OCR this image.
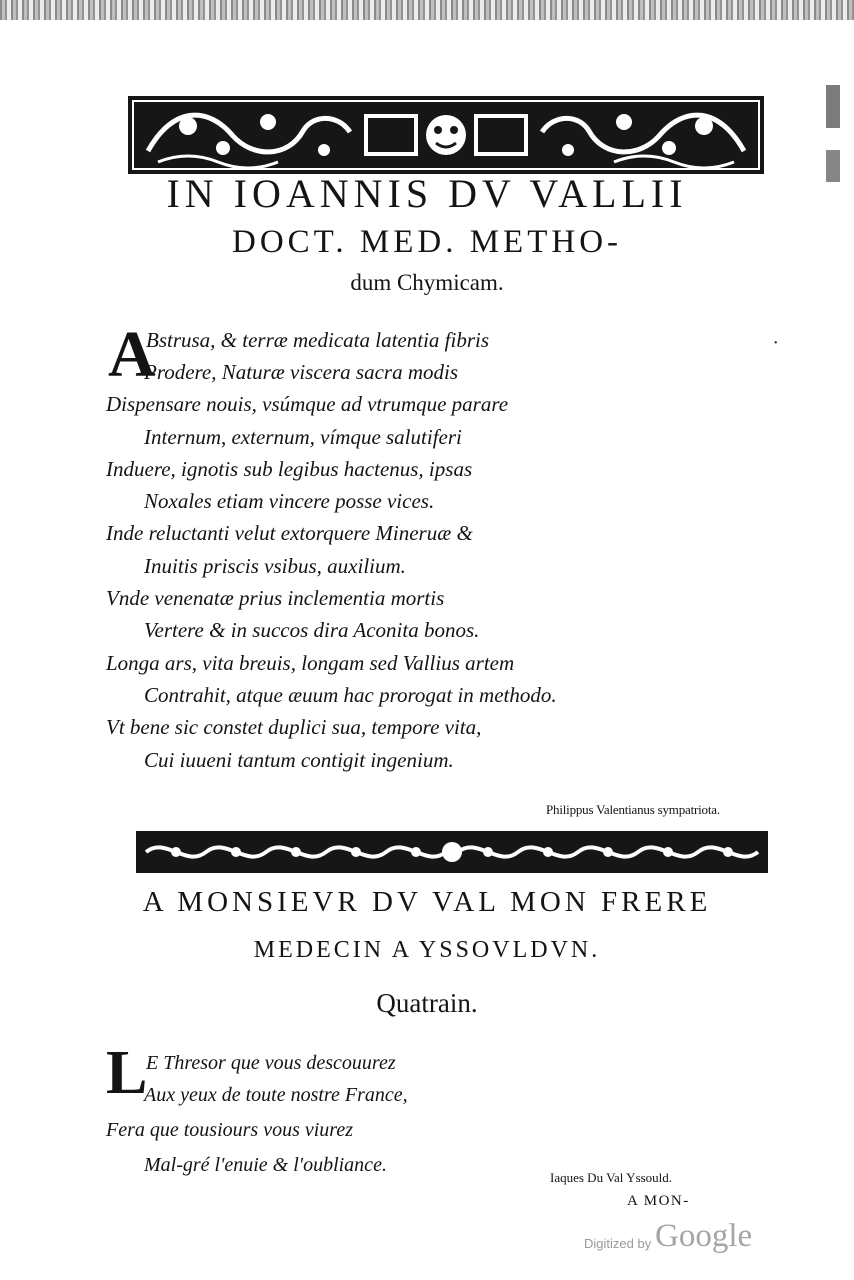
˙
IN IOANNIS DV VALLII
DOCT. MED. METHO-
dum Chymicam.
A
Bstrusa, & terræ medicata latentia fibris
Prodere, Naturæ viscera sacra modis
Dispensare nouis, vsúmque ad vtrumque parare
Internum, externum, vímque salutiferi
Induere, ignotis sub legibus hactenus, ipsas
Noxales etiam vincere posse vices.
Inde reluctanti velut extorquere Mineruæ &
Inuitis priscis vsibus, auxilium.
Vnde venenatæ prius inclementia mortis
Vertere & in succos dira Aconita bonos.
Longa ars, vita breuis, longam sed Vallius artem
Contrahit, atque æuum hac prorogat in methodo.
Vt bene sic constet duplici sua, tempore vita,
Cui iuueni tantum contigit ingenium.
Philippus Valentianus sympatriota.
A MONSIEVR DV VAL MON FRERE
MEDECIN A YSSOVLDVN.
Quatrain.
L
E Thresor que vous descouurez
Aux yeux de toute nostre France,
Fera que tousiours vous viurez
Mal-gré l'enuie & l'oubliance.
Iaques Du Val Yssould.
A MON-
Digitized by Google
